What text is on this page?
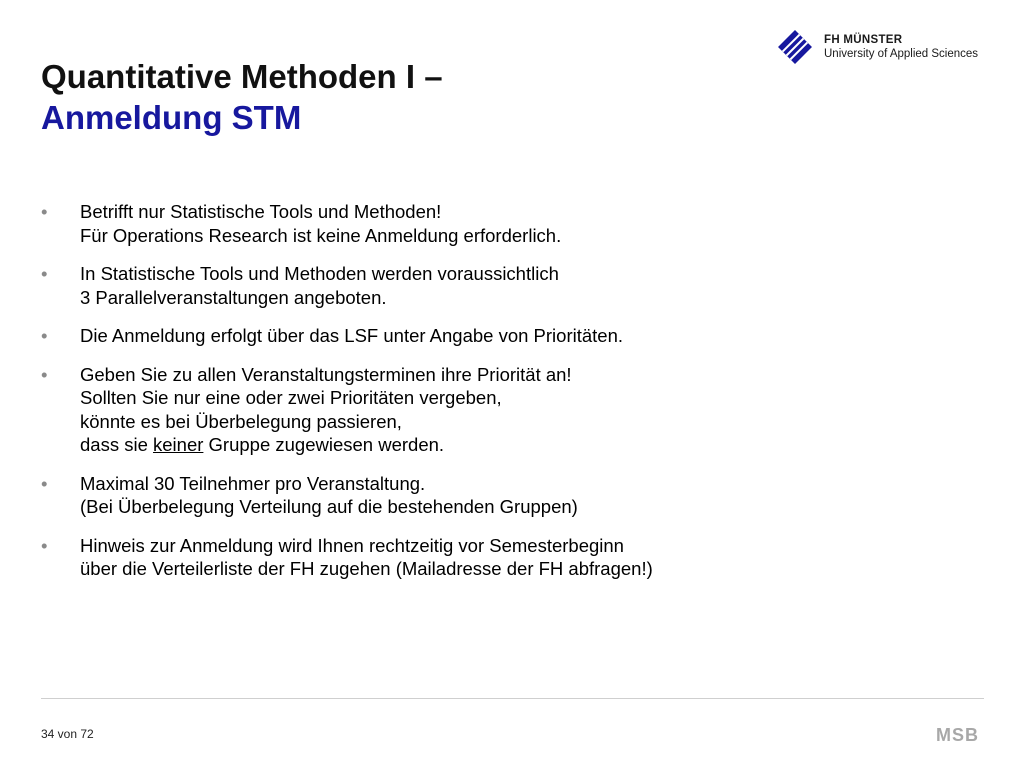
FH MÜNSTER
University of Applied Sciences
Quantitative Methoden I –
Anmeldung STM
• Betrifft nur Statistische Tools und Methoden!
Für Operations Research ist keine Anmeldung erforderlich.
• In Statistische Tools und Methoden werden voraussichtlich
3 Parallelveranstaltungen angeboten.
• Die Anmeldung erfolgt über das LSF unter Angabe von Prioritäten.
• Geben Sie zu allen Veranstaltungsterminen ihre Priorität an!
Sollten Sie nur eine oder zwei Prioritäten vergeben,
könnte es bei Überbelegung passieren,
dass sie keiner Gruppe zugewiesen werden.
• Maximal 30 Teilnehmer pro Veranstaltung.
(Bei Überbelegung Verteilung auf die bestehenden Gruppen)
• Hinweis zur Anmeldung wird Ihnen rechtzeitig vor Semesterbeginn
über die Verteilerliste der FH zugehen (Mailadresse der FH abfragen!)
34 von 72	MSB
